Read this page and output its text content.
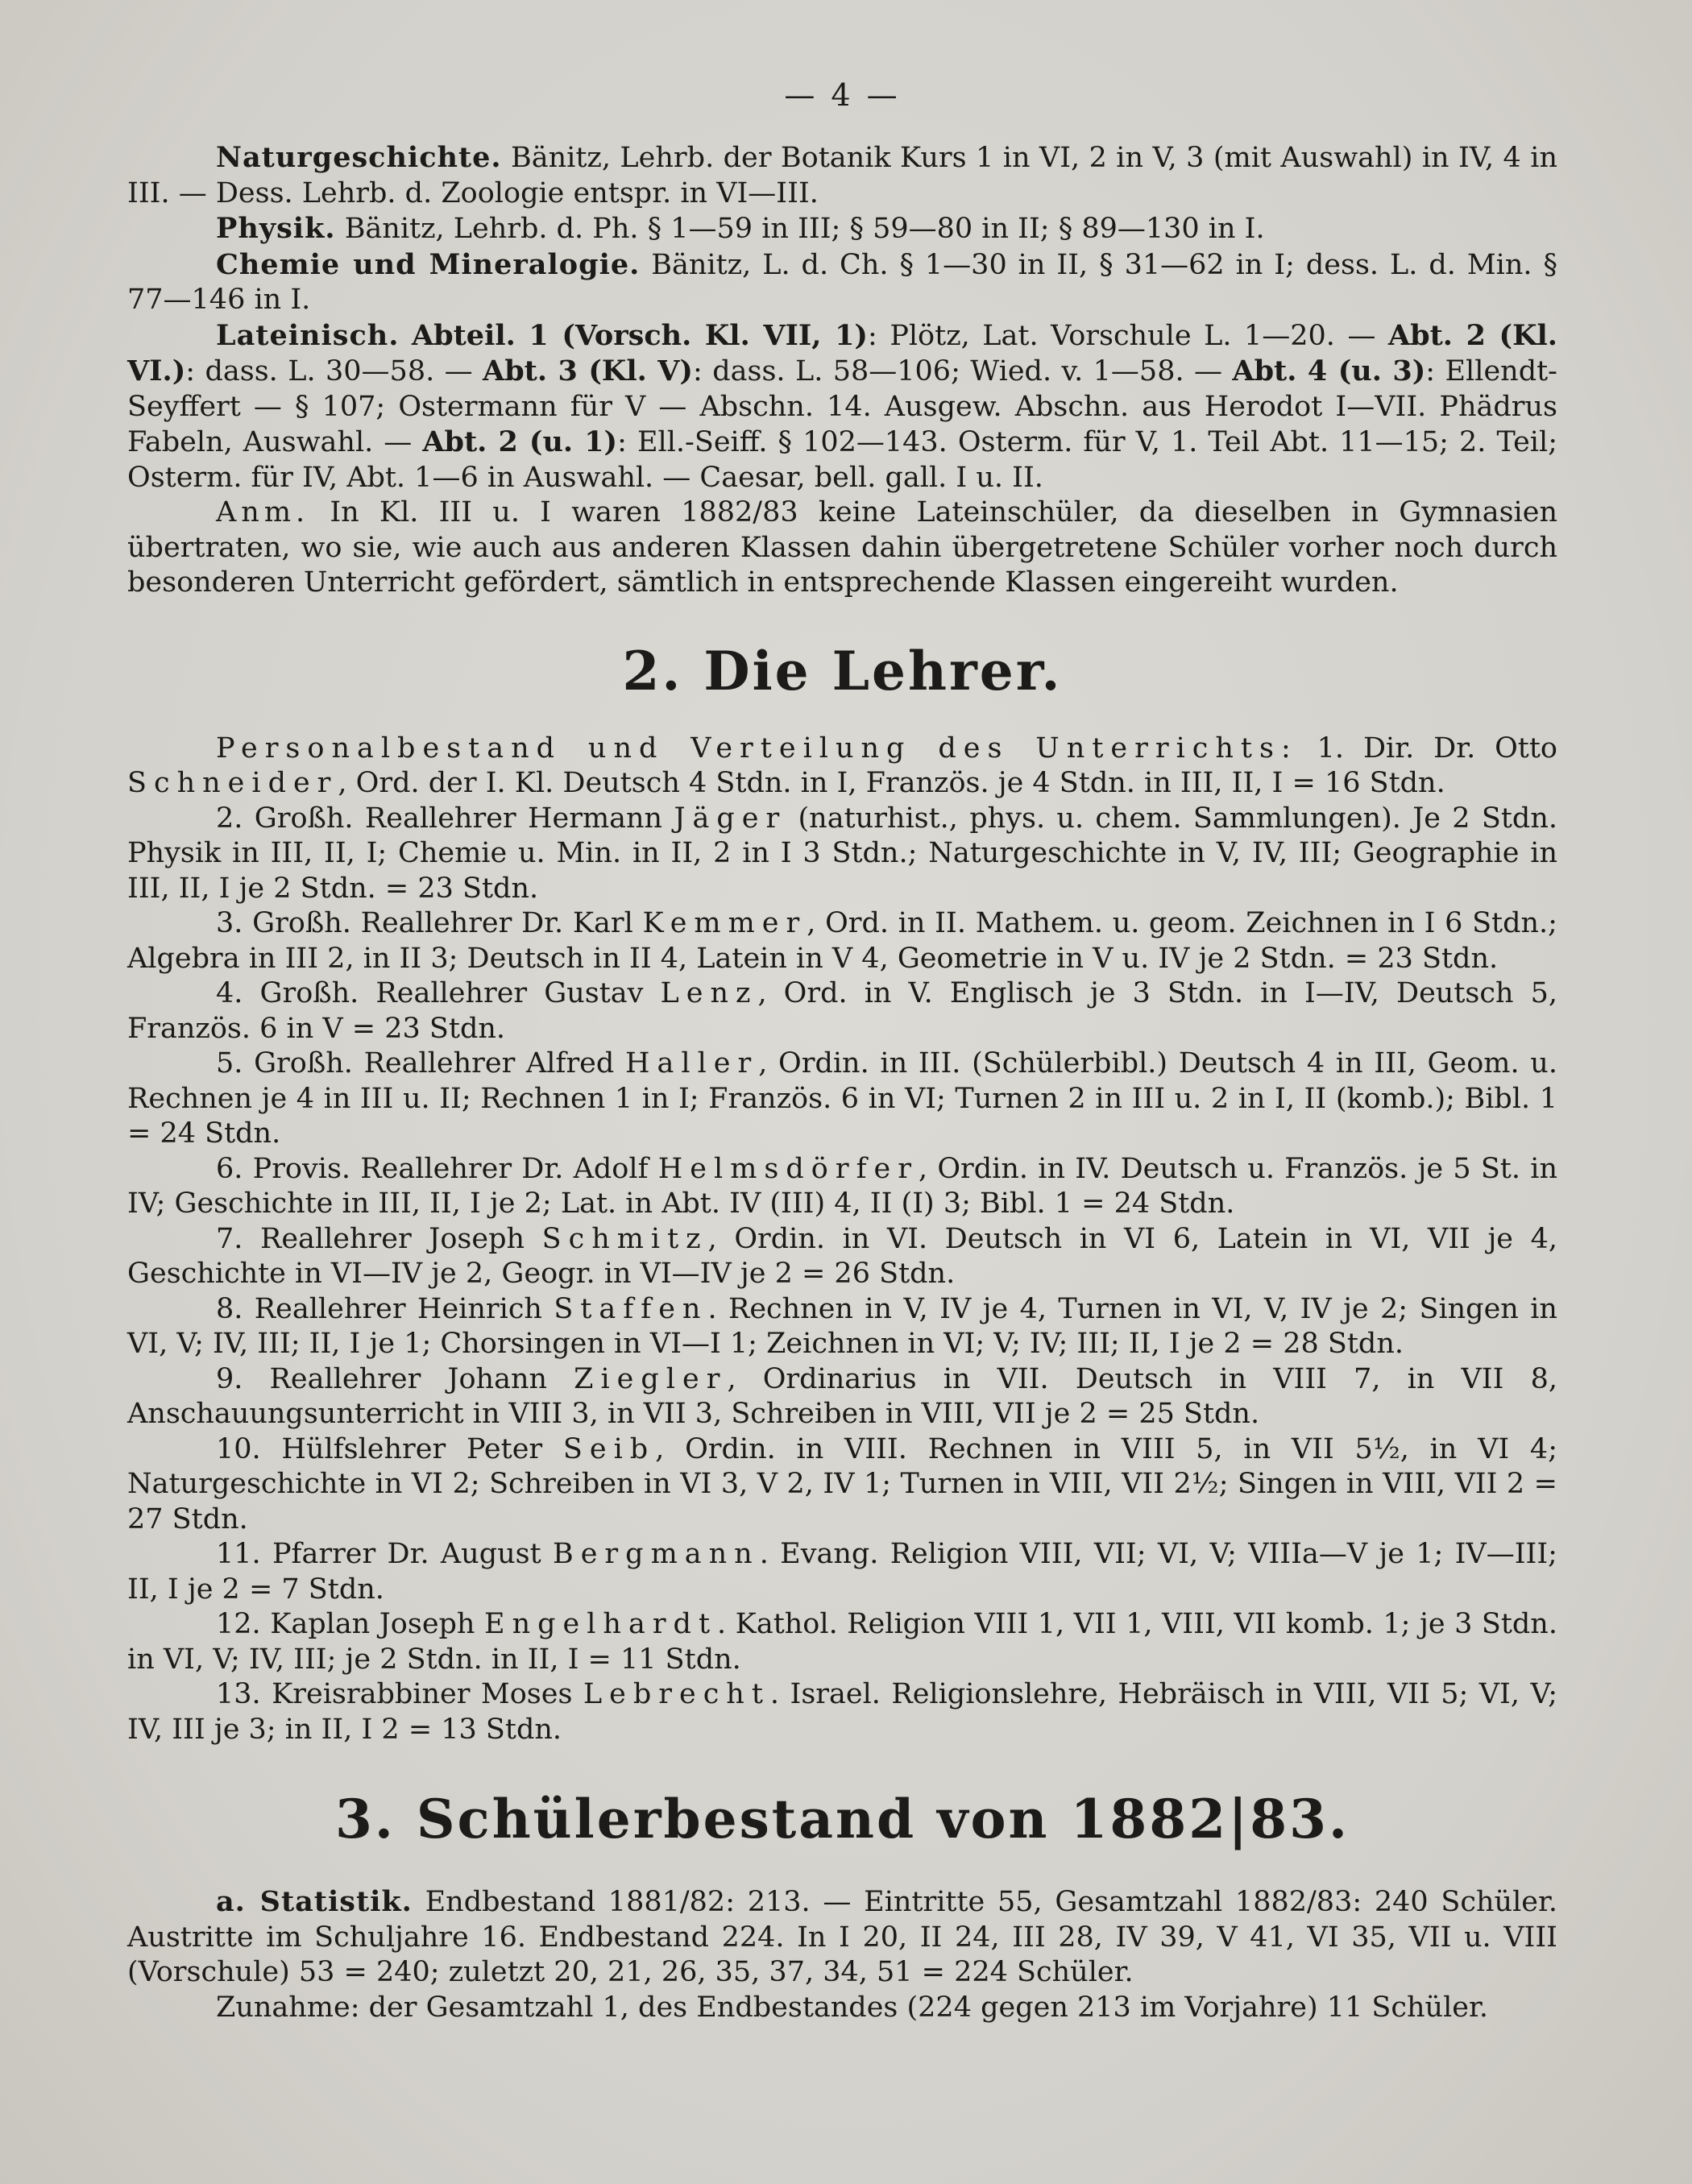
— 4 —

Naturgeschichte. Bänitz, Lehrb. der Botanik Kurs 1 in VI, 2 in V, 3 (mit Auswahl) in IV, 4 in III. — Dess. Lehrb. d. Zoologie entspr. in VI—III.

Physik. Bänitz, Lehrb. d. Ph. § 1—59 in III; § 59—80 in II; § 89—130 in I.

Chemie und Mineralogie. Bänitz, L. d. Ch. § 1—30 in II, § 31—62 in I; dess. L. d. Min. § 77—146 in I.

Lateinisch. Abteil. 1 (Vorsch. Kl. VII, 1): Plötz, Lat. Vorschule L. 1—20. — Abt. 2 (Kl. VI.): dass. L. 30—58. — Abt. 3 (Kl. V): dass. L. 58—106; Wied. v. 1—58. — Abt. 4 (u. 3): Ellendt-Seyffert — § 107; Ostermann für V — Abschn. 14. Ausgew. Abschn. aus Herodot I—VII. Phädrus Fabeln, Auswahl. — Abt. 2 (u. 1): Ell.-Seiff. § 102—143. Osterm. für V, 1. Teil Abt. 11—15; 2. Teil; Osterm. für IV, Abt. 1—6 in Auswahl. — Caesar, bell. gall. I u. II.

Anm. In Kl. III u. I waren 1882/83 keine Lateinschüler, da dieselben in Gymnasien übertraten, wo sie, wie auch aus anderen Klassen dahin übergetretene Schüler vorher noch durch besonderen Unterricht gefördert, sämtlich in entsprechende Klassen eingereiht wurden.

2. Die Lehrer.

Personalbestand und Verteilung des Unterrichts: 1. Dir. Dr. Otto Schneider, Ord. der I. Kl. Deutsch 4 Stdn. in I, Französ. je 4 Stdn. in III, II, I = 16 Stdn.

2. Großh. Reallehrer Hermann Jäger (naturhist., phys. u. chem. Sammlungen). Je 2 Stdn. Physik in III, II, I; Chemie u. Min. in II, 2 in I 3 Stdn.; Naturgeschichte in V, IV, III; Geographie in III, II, I je 2 Stdn. = 23 Stdn.

3. Großh. Reallehrer Dr. Karl Kemmer, Ord. in II. Mathem. u. geom. Zeichnen in I 6 Stdn.; Algebra in III 2, in II 3; Deutsch in II 4, Latein in V 4, Geometrie in V u. IV je 2 Stdn. = 23 Stdn.

4. Großh. Reallehrer Gustav Lenz, Ord. in V. Englisch je 3 Stdn. in I—IV, Deutsch 5, Französ. 6 in V = 23 Stdn.

5. Großh. Reallehrer Alfred Haller, Ordin. in III. (Schülerbibl.) Deutsch 4 in III, Geom. u. Rechnen je 4 in III u. II; Rechnen 1 in I; Französ. 6 in VI; Turnen 2 in III u. 2 in I, II (komb.); Bibl. 1 = 24 Stdn.

6. Provis. Reallehrer Dr. Adolf Helmsdörfer, Ordin. in IV. Deutsch u. Französ. je 5 St. in IV; Geschichte in III, II, I je 2; Lat. in Abt. IV (III) 4, II (I) 3; Bibl. 1 = 24 Stdn.

7. Reallehrer Joseph Schmitz, Ordin. in VI. Deutsch in VI 6, Latein in VI, VII je 4, Geschichte in VI—IV je 2, Geogr. in VI—IV je 2 = 26 Stdn.

8. Reallehrer Heinrich Staffen. Rechnen in V, IV je 4, Turnen in VI, V, IV je 2; Singen in VI, V; IV, III; II, I je 1; Chorsingen in VI—I 1; Zeichnen in VI; V; IV; III; II, I je 2 = 28 Stdn.

9. Reallehrer Johann Ziegler, Ordinarius in VII. Deutsch in VIII 7, in VII 8, Anschauungsunterricht in VIII 3, in VII 3, Schreiben in VIII, VII je 2 = 25 Stdn.

10. Hülfslehrer Peter Seib, Ordin. in VIII. Rechnen in VIII 5, in VII 5½, in VI 4; Naturgeschichte in VI 2; Schreiben in VI 3, V 2, IV 1; Turnen in VIII, VII 2½; Singen in VIII, VII 2 = 27 Stdn.

11. Pfarrer Dr. August Bergmann. Evang. Religion VIII, VII; VI, V; VIIIa—V je 1; IV—III; II, I je 2 = 7 Stdn.

12. Kaplan Joseph Engelhardt. Kathol. Religion VIII 1, VII 1, VIII, VII komb. 1; je 3 Stdn. in VI, V; IV, III; je 2 Stdn. in II, I = 11 Stdn.

13. Kreisrabbiner Moses Lebrecht. Israel. Religionslehre, Hebräisch in VIII, VII 5; VI, V; IV, III je 3; in II, I 2 = 13 Stdn.

3. Schülerbestand von 1882|83.

a. Statistik. Endbestand 1881/82: 213. — Eintritte 55, Gesamtzahl 1882/83: 240 Schüler. Austritte im Schuljahre 16. Endbestand 224. In I 20, II 24, III 28, IV 39, V 41, VI 35, VII u. VIII (Vorschule) 53 = 240; zuletzt 20, 21, 26, 35, 37, 34, 51 = 224 Schüler.

Zunahme: der Gesamtzahl 1, des Endbestandes (224 gegen 213 im Vorjahre) 11 Schüler.
